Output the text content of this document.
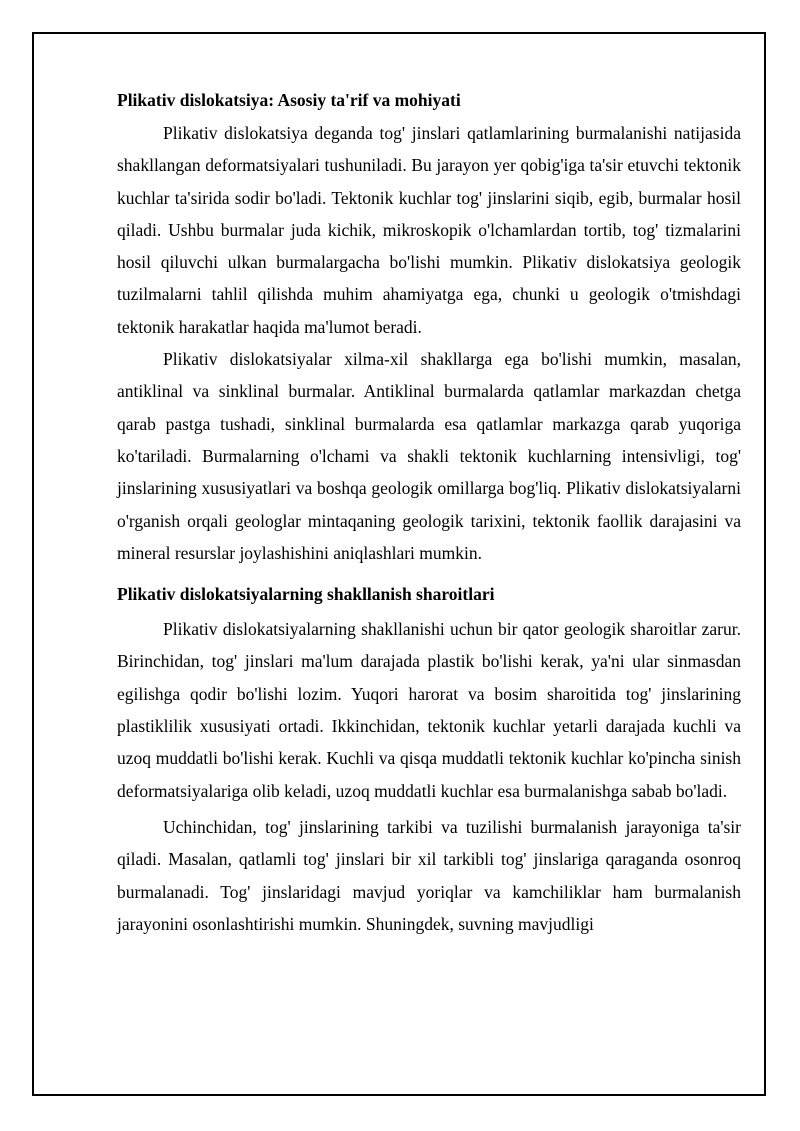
Plikativ dislokatsiya: Asosiy ta'rif va mohiyati

Plikativ dislokatsiya deganda tog' jinslari qatlamlarining burmalanishi natijasida shakllangan deformatsiyalari tushuniladi. Bu jarayon yer qobig'iga ta'sir etuvchi tektonik kuchlar ta'sirida sodir bo'ladi. Tektonik kuchlar tog' jinslarini siqib, egib, burmalar hosil qiladi. Ushbu burmalar juda kichik, mikroskopik o'lchamlardan tortib, tog' tizmalarini hosil qiluvchi ulkan burmalargacha bo'lishi mumkin. Plikativ dislokatsiya geologik tuzilmalarni tahlil qilishda muhim ahamiyatga ega, chunki u geologik o'tmishdagi tektonik harakatlar haqida ma'lumot beradi.

Plikativ dislokatsiyalar xilma-xil shakllarga ega bo'lishi mumkin, masalan, antiklinal va sinklinal burmalar. Antiklinal burmalarda qatlamlar markazdan chetga qarab pastga tushadi, sinklinal burmalarda esa qatlamlar markazga qarab yuqoriga ko'tariladi. Burmalarning o'lchami va shakli tektonik kuchlarning intensivligi, tog' jinslarining xususiyatlari va boshqa geologik omillarga bog'liq. Plikativ dislokatsiyalarni o'rganish orqali geologlar mintaqaning geologik tarixini, tektonik faollik darajasini va mineral resurslar joylashishini aniqlashlari mumkin.

Plikativ dislokatsiyalarning shakllanish sharoitlari

Plikativ dislokatsiyalarning shakllanishi uchun bir qator geologik sharoitlar zarur. Birinchidan, tog' jinslari ma'lum darajada plastik bo'lishi kerak, ya'ni ular sinmasdan egilishga qodir bo'lishi lozim. Yuqori harorat va bosim sharoitida tog' jinslarining plastiklilik xususiyati ortadi. Ikkinchidan, tektonik kuchlar yetarli darajada kuchli va uzoq muddatli bo'lishi kerak. Kuchli va qisqa muddatli tektonik kuchlar ko'pincha sinish deformatsiyalariga olib keladi, uzoq muddatli kuchlar esa burmalanishga sabab bo'ladi.

Uchinchidan, tog' jinslarining tarkibi va tuzilishi burmalanish jarayoniga ta'sir qiladi. Masalan, qatlamli tog' jinslari bir xil tarkibli tog' jinslariga qaraganda osonroq burmalanadi. Tog' jinslaridagi mavjud yoriqlar va kamchiliklar ham burmalanish jarayonini osonlashtirishi mumkin. Shuningdek, suvning mavjudligi
